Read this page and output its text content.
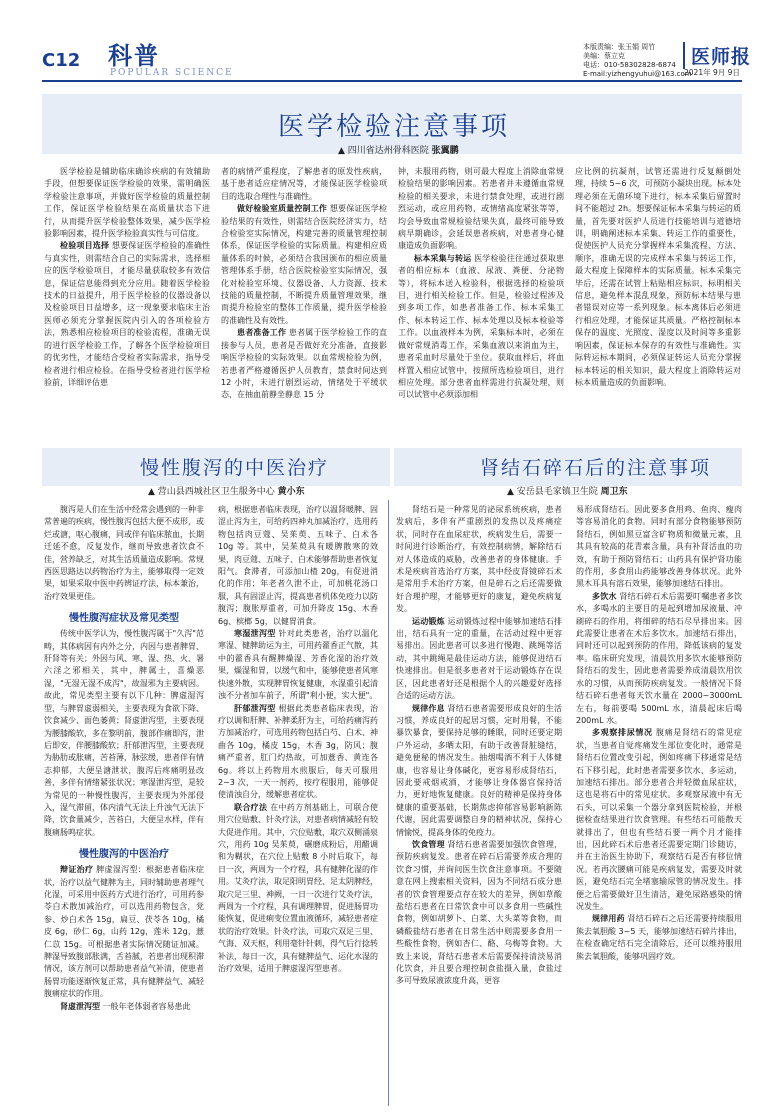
C12 科普
POPULAR SCIENCE
本版责编：张玉娟 周竹
美编：蔡立克
电话：010-58302828-6874
E-mail:yizhengyuhui@163.com
医师报
2021年 9月 9日
医学检验注意事项
▲ 四川省达州骨科医院 张翼鹏

医学检验是辅助临床确诊疾病的有效辅助手段，但想要保证医学检验的效果，需明确医学检验注意事项，并做好医学检验的质量控制工作，保证医学检验结果在高质量状态下进行，从而提升医学检验整体效果，减少医学检验影响因素，提升医学检验真实性与可信度。

检验项目选择 想要保证医学检验的准确性与真实性，则需结合自己的实际需求，选择相应的医学检验项目，才能尽量获取较多有效信息，保证信息能得到充分应用。随着医学检验技术的日益提升，用于医学检验的仪器设备以及检验项目日益增多，这一现象要求临床主治医师必须充分掌握医院内引入的各项检验方法，熟悉相应检验项目的检验流程，准确无误的进行医学检验工作，了解各个医学检验项目的优劣性，才能结合受检者实际需求，指导受检者进行相应检验。在指导受检者进行医学检验前，详细评估患

者的病情严重程度，了解患者的原发性疾病，基于患者适应症情况等，才能保证医学检验项目的选取合理性与准确性。

做好检验室质量控制工作 想要保证医学检验结果的有效性，则需结合医院经济实力，结合检验室实际情况，构建完善的质量管理控制体系，保证医学检验的实际质量。构建相应质量体系的时候，必须结合我国颁布的相应质量管理体系手册，结合医院检验室实际情况，强化对检验室环境、仪器设备、人力资源、技术技能的质量控制，不断提升质量管理效果，继而提升检验室的整体工作质量，提升医学检验的准确性及有效性。

患者准备工作 患者属于医学检验工作的直接参与人员，患者是否做好充分准备，直接影响医学检验的实际效果。以血常规检验为例，若患者严格遵循医护人员教育，禁食时间达到 12 小时，未进行剧烈运动，情绪处于平缓状态，在抽血前静坐静息 15 分

钟，未服用药物，则可最大程度上消除血常规检验结果的影响因素。若患者并未遵循血常规检验的相关要求，未进行禁食处理，或进行剧烈运动，或应用药物，或情绪高度紧张等等，均会导致血常规检验结果失真，最终可能导致病早期确诊，会延误患者疾病，对患者身心健康造成负面影响。

标本采集与转运 医学检验往往通过获取患者的相应标本（血液、尿液、粪便、分泌物等），将标本送入检验科，根据选择的检验项目，进行相关检验工作。但是，检验过程涉及到多项工作，如患者准备工作、标本采集工作、标本转运工作、标本处理以及标本检验等工作。以血液样本为例，采集标本时，必须在做好常规消毒工作，采集血液以来消血为主，患者采血时尽量处于坐位。获取血样后，将血样置入相应试管中，按照所选检验项目，进行相应处理。部分患者血样需进行抗凝处理，则可以试管中必须添加相

应比例的抗凝剂，试管还需进行反复颠倒处理，持续 5~6 次，可预防小凝块出现。标本处理必须在无菌环境下进行，标本采集后留置时间不能超过 2h。想要保证标本采集与转运的质量，首先要对医护人员进行技能培训与道德培训，明确阐述标本采集、转运工作的重要性，促使医护人员充分掌握样本采集流程、方法、顺序，准确无误的完成样本采集与转运工作，最大程度上保障样本的实际质量。标本采集完毕后，还需在试管上粘贴相应标识，标明相关信息，避免样本混乱现象，预防标本结果与患者错误对应等一系列现象。标本离体后必须进行相应处理，才能保证其质量。严格控制标本保存的温度、光照度、湿度以及时间等多重影响因素，保证标本保存的有效性与准确性。实际转运标本期间，必须保证转运人员充分掌握标本转运的相关知识，最大程度上消除转运对标本质量造成的负面影响。

慢性腹泻的中医治疗	肾结石碎石后的注意事项
▲ 营山县西城社区卫生服务中心 黄小东	▲ 安岳县毛家镇卫生院 周卫东

腹泻是人们在生活中经常会遇到的一种非常普遍的疾病，慢性腹泻包括大便不成形，或烂或溏，呕心腹痛，同或伴有临床脓血，长期迁延不愈，反复发作，继而导致患者饮食不佳，营养缺乏，对其生活质量造成影响。常规西医思路达以药物治疗为主，能够取得一定效果，如果采取中医中药辨证疗法，标本兼治，治疗效果更佳。

慢性腹泻症状及常见类型

传统中医学认为，慢性腹泻属于"久泻"范畴，其体病因有内外之分，内因与患者脾胃、肝肾等有关；外因与风、寒、湿、热、火、暑六淫之邪相关，其中，脾属土，喜燥恶湿，"无湿无湿不成泻"，故湿邪为主要病因。故此，常见类型主要有以下几种：脾虚湿泻型，与脾胃虚弱相关，主要表现为食欲下降、饮食减少、面色萎黄；肾虚泄泻型，主要表现为腰膝酸软，多在黎明前，腹部作痛即泻，泄后即安，伴腰膝酸软；肝郁泄泻型，主要表现为胁肋或胀痛，苦苔薄，脉弦缓，患者伴有情志抑郁，大便呈溏泄状，腹泻后疼痛明显改善，多伴有情绪紧张状况；寒湿泄泻型，是较为常见的一种慢性腹泻，主要表现为外部侵入，湿气滞留，体内清气无法上升浊气无法下降，饮食量减少，苦苔白，大便呈水样，伴有腹痛肠鸣症状。

慢性腹泻的中医治疗

辩证治疗 脾虚湿泻型：根据患者临床症状，治疗以益气健脾为主，同时辅助患者理气化湿，可采用中医药方式进行治疗，可用药参苓白术散加减治疗，可以选用药物包含，党参、炒白术各 15g，扁豆、茯苓各 10g，橘皮 6g，砂仁 6g，山药 12g，莲米 12g，薏仁苡 15g。可根据患者实际情况随证加减。脾湿导致腹部胀满，舌苔腻，若患者出现积滞情况，该方剂可以帮助患者益气补清，使患者肠胃功能逐渐恢复正常，具有健脾益气、减轻腹痛症状的作用。

肾虚泄泻型 一般年老体弱者容易患此

病，根据患者临床表现，治疗以温肾暖脾、固涩止泻为主，可给药四神丸加减治疗，选用药物包括肉豆蔻、吴茱萸、五味子、白术各 10g 等。其中，吴茱萸具有暖脾散寒的效果，肉豆蔻、五味子、白术能够帮助患者恢复阳气。食滞者，可添加山楂 20g，有促进消化的作用；年老者久泄不止，可加桃花汤口服，具有固涩止泻，提高患者机体免疫力以防腹泻；腹胀厚重者，可加升降皮 15g、木香 6g、槟榔 5g，以健胃消食。

寒湿泄泻型 针对此类患者，治疗以温化寒湿、健脾助运为主，可用药藿香正气散，其中的藿香具有醒脾燥湿、芳香化湿的治疗效果，燥湿和胃，以缓气和中，能够使患者风寒快速外散，实现脾胃恢复健康，水湿重引起清浊不分者加车前子，所谓"利小便，实大便"。

肝郁泄泻型 根据此类患者临床表现，治疗以调和肝脾、补脾柔肝为主，可给药痛泻药方加减治疗，可选用药物包括白芍、白术、神曲各 10g，橘皮 15g，木香 3g，防风；腹痛严重者，肛门灼热故，可加薏香、黄连各 6g。将以上药物用水煎服后，每天可服用 2~3 次，一天一剂药，按疗程服用，能够促使清浊自分，缓解患者症状。

联合疗法 在中药方剂基础上，可联合使用穴位贴敷、针灸疗法，对患者病情减轻有较大促进作用。其中，穴位贴敷，取穴双侧涌泉穴，用药 10g 吴茱萸，碾磨成粉后，用醋调和为糊状，在穴位上贴敷 8 小时后取下，每日一次，两周为一个疗程，具有健脾化湿的作用。艾灸疗法，取足阳明胃经、足太阴脾经，取穴足三里、神阙，一日一次进行艾灸疗法，两周为一个疗程，具有调理脾胃，促进肠胃功能恢复，促进痢变位置血液循环，减轻患者症状的治疗效果。针灸疗法，可取穴双足三里、气海、双天枢，利用毫针针刺，得气后行捻转补法，每日一次，具有健脾益气、运化水湿的治疗效果，适用于脾虚湿泻型患者。

肾结石是一种常见的泌尿系统疾病，患者发病后，多伴有严重剧烈的发热以及疼痛症状，同时存在血尿症状，疾病发生后，需要一时间进行诊断治疗，有效控制病情，解除结石对人体造成的威胁，改善患者的身体健康。手术是疾病首选治疗方案，其中经皮肾镜碎石术是常用手术治疗方案，但是碎石之后还需要做好合理护理，才能够更好的康复，避免疾病复发。

运动锻炼 运动锻炼过程中能够加速结石排出，结石具有一定的重量，在活动过程中更容易排出。因此患者可以多进行慢跑、跳绳等活动，其中跳绳是最佳运动方法，能够促进结石快速排出。但是很多患者对于运动锻炼存在误区，因此患者好还是根据个人的兴趣爱好选择合适的运动方法。

规律作息 肾结石患者需要形成良好的生活习惯，养成良好的起居习惯，定时用餐，不能暴饮暴食，要保持足够的睡眠，同时还要定期户外运动，多晒太阳，有助于改善肾脏缝结，避免便秘的情况发生。抽烟喝酒不利于人体健康，也容易让身体碱化，更容易形成肾结石，因此要戒烟戒酒，才能够让身体器官保持活力，更好地恢复健康。良好的精神是保持身体健康的重要基础，长期焦虑抑郁容易影响新陈代谢，因此需要调整自身的精神状况，保持心情愉悦，提高身体的免疫力。

饮食管理 肾结石患者需要加强饮食管理，预防疾病复发。患者在碎石后需要养成合理的饮食习惯，并询问医生饮食注意事项。不要随意在网上搜索相关资料，因为不同结石成分患者的饮食管理要点存在较大的差异，例如草酸盐结石患者在日常饮食中可以多食用一些碱性食物，例如胡萝卜、白菜、大头菜等食物，而磷酸盐结石患者在日常生活中则需要多食用一些酸性食物，例如杏仁、酪、乌梅等食物。大致上来说，肾结石患者术后需要保持清淡易消化饮食，并且要合理控制食盐摄入量，食盐过多可导致尿液浓度升高，更容

易形成肾结石。因此要多食用鸡、鱼肉、瘦肉等容易消化的食物。同时有部分食物能够预防肾结石，例如黑豆富含矿物质和微量元素，且其具有较高的花青素含量，具有补肾活血的功效，有助于预防肾结石；山药具有保护肾功能的作用，多食用山药能够改善身体状况。此外黑木耳具有溶石效果，能够加速结石排出。

多饮水 肾结石碎石术后需要叮嘱患者多饮水，多喝水的主要目的是起到增加尿液量、冲刷碎石的作用，将细碎的结石尽早排出来。因此需要让患者在术后多饮水，加速结石排出，同时还可以起到预防的作用，降低该病的复发率。临床研究发现，清晨饮用多饮水能够预防肾结石的发生，因此患者需要养成清晨饮用饮水的习惯，从而预防疾病复发。一般情况下肾结石碎石患者每天饮水量在 2000~3000mL 左右，每前要喝 500mL 水，清晨起床后喝 200mL 水。

多观察排尿情况 腹痛是肾结石的常见症状，当患者自觉疼痛发生部位变化时，通常是肾结石位置改变引起，例如疼痛下移通常是结石下移引起，此时患者需要多饮水、多运动，加速结石排出。部分患者合并轻微血尿症状，这也是将石中的常见症状。多观察尿液中有无石头，可以采集一个器分拿到医院检验，并根据检查结果进行饮食管理。有些结石可能散天就排出了，但也有些结石要一两个月才能排出，因此碎石术后患者还需要定期门诊随访，并在主治医生协助下，观察结石是否有移位情况。若再次腰痛可能是疾病复发，需要及时就医，避免结石完全堵塞输尿管的情况发生。排便之后需要做好卫生清洁，避免尿路感染的情况发生。

规律用药 肾结石碎石之后还需要持续服用熊去氧胆酸 3~5 天，能够加速结石碎片排出，在检查确定结石完全清除后，还可以维持服用熊去氧胆酸，能够巩固疗效。
